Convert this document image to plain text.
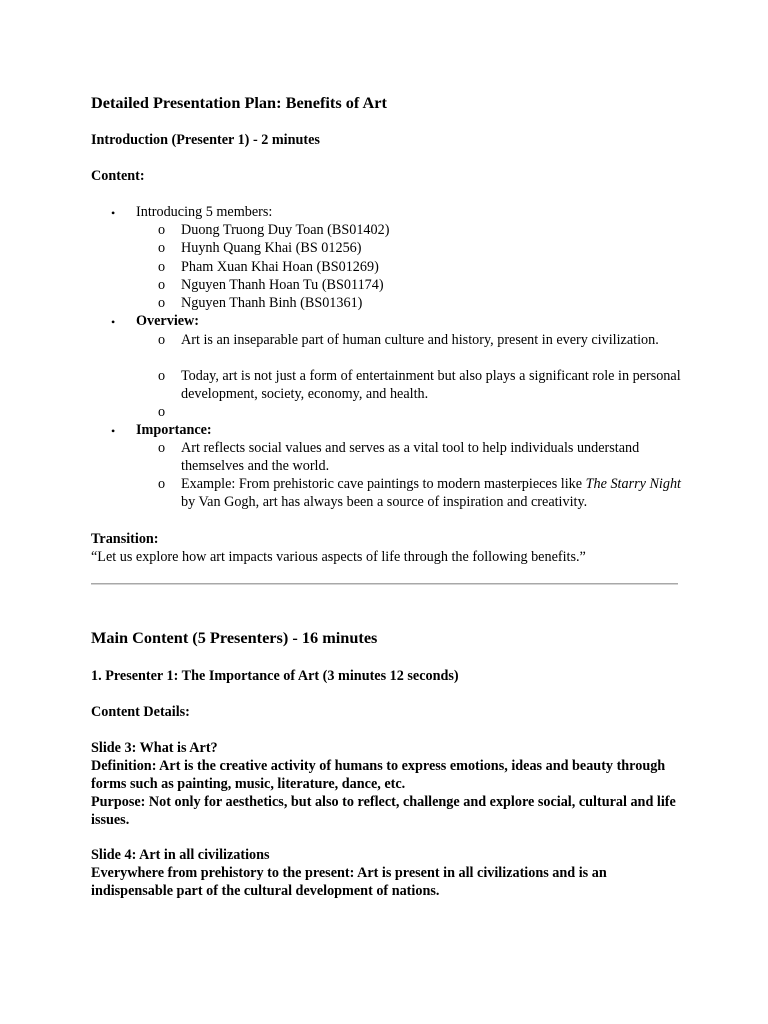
Detailed Presentation Plan: Benefits of Art
Introduction (Presenter 1) - 2 minutes
Content:
• Introducing 5 members:
o Duong Truong Duy Toan (BS01402)
o Huynh Quang Khai (BS 01256)
o Pham Xuan Khai Hoan (BS01269)
o Nguyen Thanh Hoan Tu (BS01174)
o Nguyen Thanh Binh (BS01361)
• Overview:
o Art is an inseparable part of human culture and history, present in every civilization.
o Today, art is not just a form of entertainment but also plays a significant role in personal development, society, economy, and health.
o
• Importance:
o Art reflects social values and serves as a vital tool to help individuals understand themselves and the world.
o Example: From prehistoric cave paintings to modern masterpieces like The Starry Night by Van Gogh, art has always been a source of inspiration and creativity.
Transition:
“Let us explore how art impacts various aspects of life through the following benefits.”
Main Content (5 Presenters) - 16 minutes
1. Presenter 1: The Importance of Art (3 minutes 12 seconds)
Content Details:
Slide 3: What is Art?
Definition: Art is the creative activity of humans to express emotions, ideas and beauty through forms such as painting, music, literature, dance, etc.
Purpose: Not only for aesthetics, but also to reflect, challenge and explore social, cultural and life issues.
Slide 4: Art in all civilizations
Everywhere from prehistory to the present: Art is present in all civilizations and is an indispensable part of the cultural development of nations.
